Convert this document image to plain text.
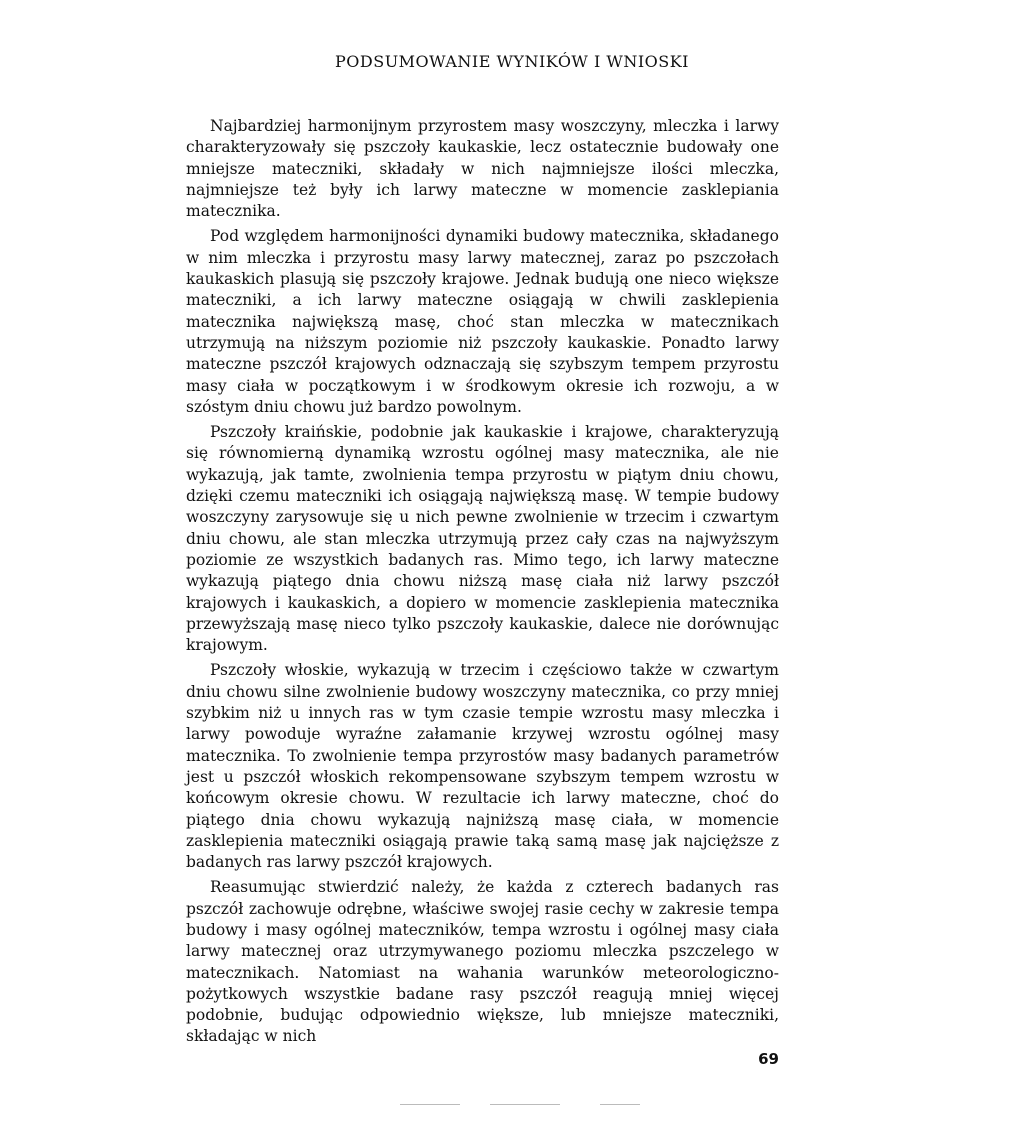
PODSUMOWANIE WYNIKÓW I WNIOSKI

Najbardziej harmonijnym przyrostem masy woszczyny, mleczka i larwy charakteryzowały się pszczoły kaukaskie, lecz ostatecznie budowały one mniejsze mateczniki, składały w nich najmniejsze ilości mleczka, najmniejsze też były ich larwy mateczne w momencie zasklepiania matecznika.

Pod względem harmonijności dynamiki budowy matecznika, składanego w nim mleczka i przyrostu masy larwy matecznej, zaraz po pszczołach kaukaskich plasują się pszczoły krajowe. Jednak budują one nieco większe mateczniki, a ich larwy mateczne osiągają w chwili zasklepienia matecznika największą masę, choć stan mleczka w matecznikach utrzymują na niższym poziomie niż pszczoły kaukaskie. Ponadto larwy mateczne pszczół krajowych odznaczają się szybszym tempem przyrostu masy ciała w początkowym i w środkowym okresie ich rozwoju, a w szóstym dniu chowu już bardzo powolnym.

Pszczoły kraińskie, podobnie jak kaukaskie i krajowe, charakteryzują się równomierną dynamiką wzrostu ogólnej masy matecznika, ale nie wykazują, jak tamte, zwolnienia tempa przyrostu w piątym dniu chowu, dzięki czemu mateczniki ich osiągają największą masę. W tempie budowy woszczyny zarysowuje się u nich pewne zwolnienie w trzecim i czwartym dniu chowu, ale stan mleczka utrzymują przez cały czas na najwyższym poziomie ze wszystkich badanych ras. Mimo tego, ich larwy mateczne wykazują piątego dnia chowu niższą masę ciała niż larwy pszczół krajowych i kaukaskich, a dopiero w momencie zasklepienia matecznika przewyższają masę nieco tylko pszczoły kaukaskie, dalece nie dorównując krajowym.

Pszczoły włoskie, wykazują w trzecim i częściowo także w czwartym dniu chowu silne zwolnienie budowy woszczyny matecznika, co przy mniej szybkim niż u innych ras w tym czasie tempie wzrostu masy mleczka i larwy powoduje wyraźne załamanie krzywej wzrostu ogólnej masy matecznika. To zwolnienie tempa przyrostów masy badanych parametrów jest u pszczół włoskich rekompensowane szybszym tempem wzrostu w końcowym okresie chowu. W rezultacie ich larwy mateczne, choć do piątego dnia chowu wykazują najniższą masę ciała, w momencie zasklepienia mateczniki osiągają prawie taką samą masę jak najcięższe z badanych ras larwy pszczół krajowych.

Reasumując stwierdzić należy, że każda z czterech badanych ras pszczół zachowuje odrębne, właściwe swojej rasie cechy w zakresie tempa budowy i masy ogólnej mateczników, tempa wzrostu i ogólnej masy ciała larwy matecznej oraz utrzymywanego poziomu mleczka pszczelego w matecznikach. Natomiast na wahania warunków meteorologiczno-pożytkowych wszystkie badane rasy pszczół reagują mniej więcej podobnie, budując odpowiednio większe, lub mniejsze mateczniki, składając w nich

69
